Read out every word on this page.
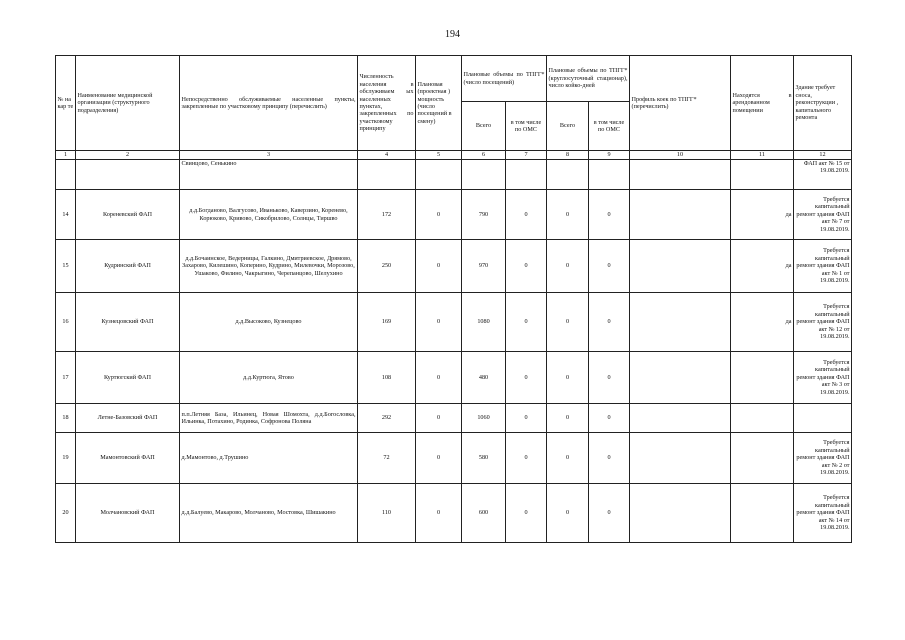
194
№ на кар те	Наименование медицинской организации (структурного подразделения)	Непосредственно обслуживаемые населенные пункты, закрепленные по участковому принципу (перечислить)	Численность населения в обслуживаем ых населенных пунктах, закрепленных по участковому принципу	Плановая (проектная ) мощность (число посещений в смену)	Плановые объемы по ТПГГ* (число посещений)		Плановые объемы по ТПГГ* (круглосуточный стационар), число койко-дней		Профиль коек по ТПГГ* (перечислить)	Находятся в арендованном помещении	Здание требует сноса, реконструкции , капитального ремонта
					Всего	в том числе по ОМС	Всего	в том числе по ОМС			
1	2	3	4	5	6	7	8	9	10	11	12
		Свинцово, Сенькино									ФАП акт № 15 от 19.08.2019.
14	Кореневский ФАП	д.д.Богданово, Валгусово, Иваньково, Каверзино, Коренево, Корюково, Кривово, Сикобрилово, Солнцы, Тиршво	172	0	790	0	0	0		да	Требуется капитальный ремонт здания ФАП акт № 7 от 19.08.2019.
15	Кудринский ФАП	д.д.Бочаинское, Ведерницы, Галкино, Дмитриевское, Дрямово, Захарово, Килешино, Коперино, Кудрино, Милевочки, Морозово, Ушаково, Филино, Чакрыгино, Черепанцово, Шелухино	250	0	970	0	0	0		да	Требуется капитальный ремонт здания ФАП акт № 1 от 19.08.2019.
16	Кузнецовский ФАП	д.д.Высоково, Кузнецово	169	0	1080	0	0	0		да	Требуется капитальный ремонт здания ФАП акт № 12 от 19.08.2019.
17	Куртюгский ФАП	д.д.Куртюга, Ятово	108	0	480	0	0	0			Требуется капитальный ремонт здания ФАП акт № 3 от 19.08.2019.
18	Летне-Базовский ФАП	п.п.Летняя База, Ильинец, Новая Шомохта, д.д.Богословка, Ильинка, Потахино, Родинка, Софронова Поляна	292	0	1060	0	0	0			
19	Мамонтовский ФАП	д.Мамонтово, д.Трушино	72	0	580	0	0	0			Требуется капитальный ремонт здания ФАП акт № 2 от 19.08.2019.
20	Молчановский ФАП	д.д.Балуево, Макарово, Молчаново, Мостовка, Шишакино	110	0	600	0	0	0			Требуется капитальный ремонт здания ФАП акт № 14 от 19.08.2019.
